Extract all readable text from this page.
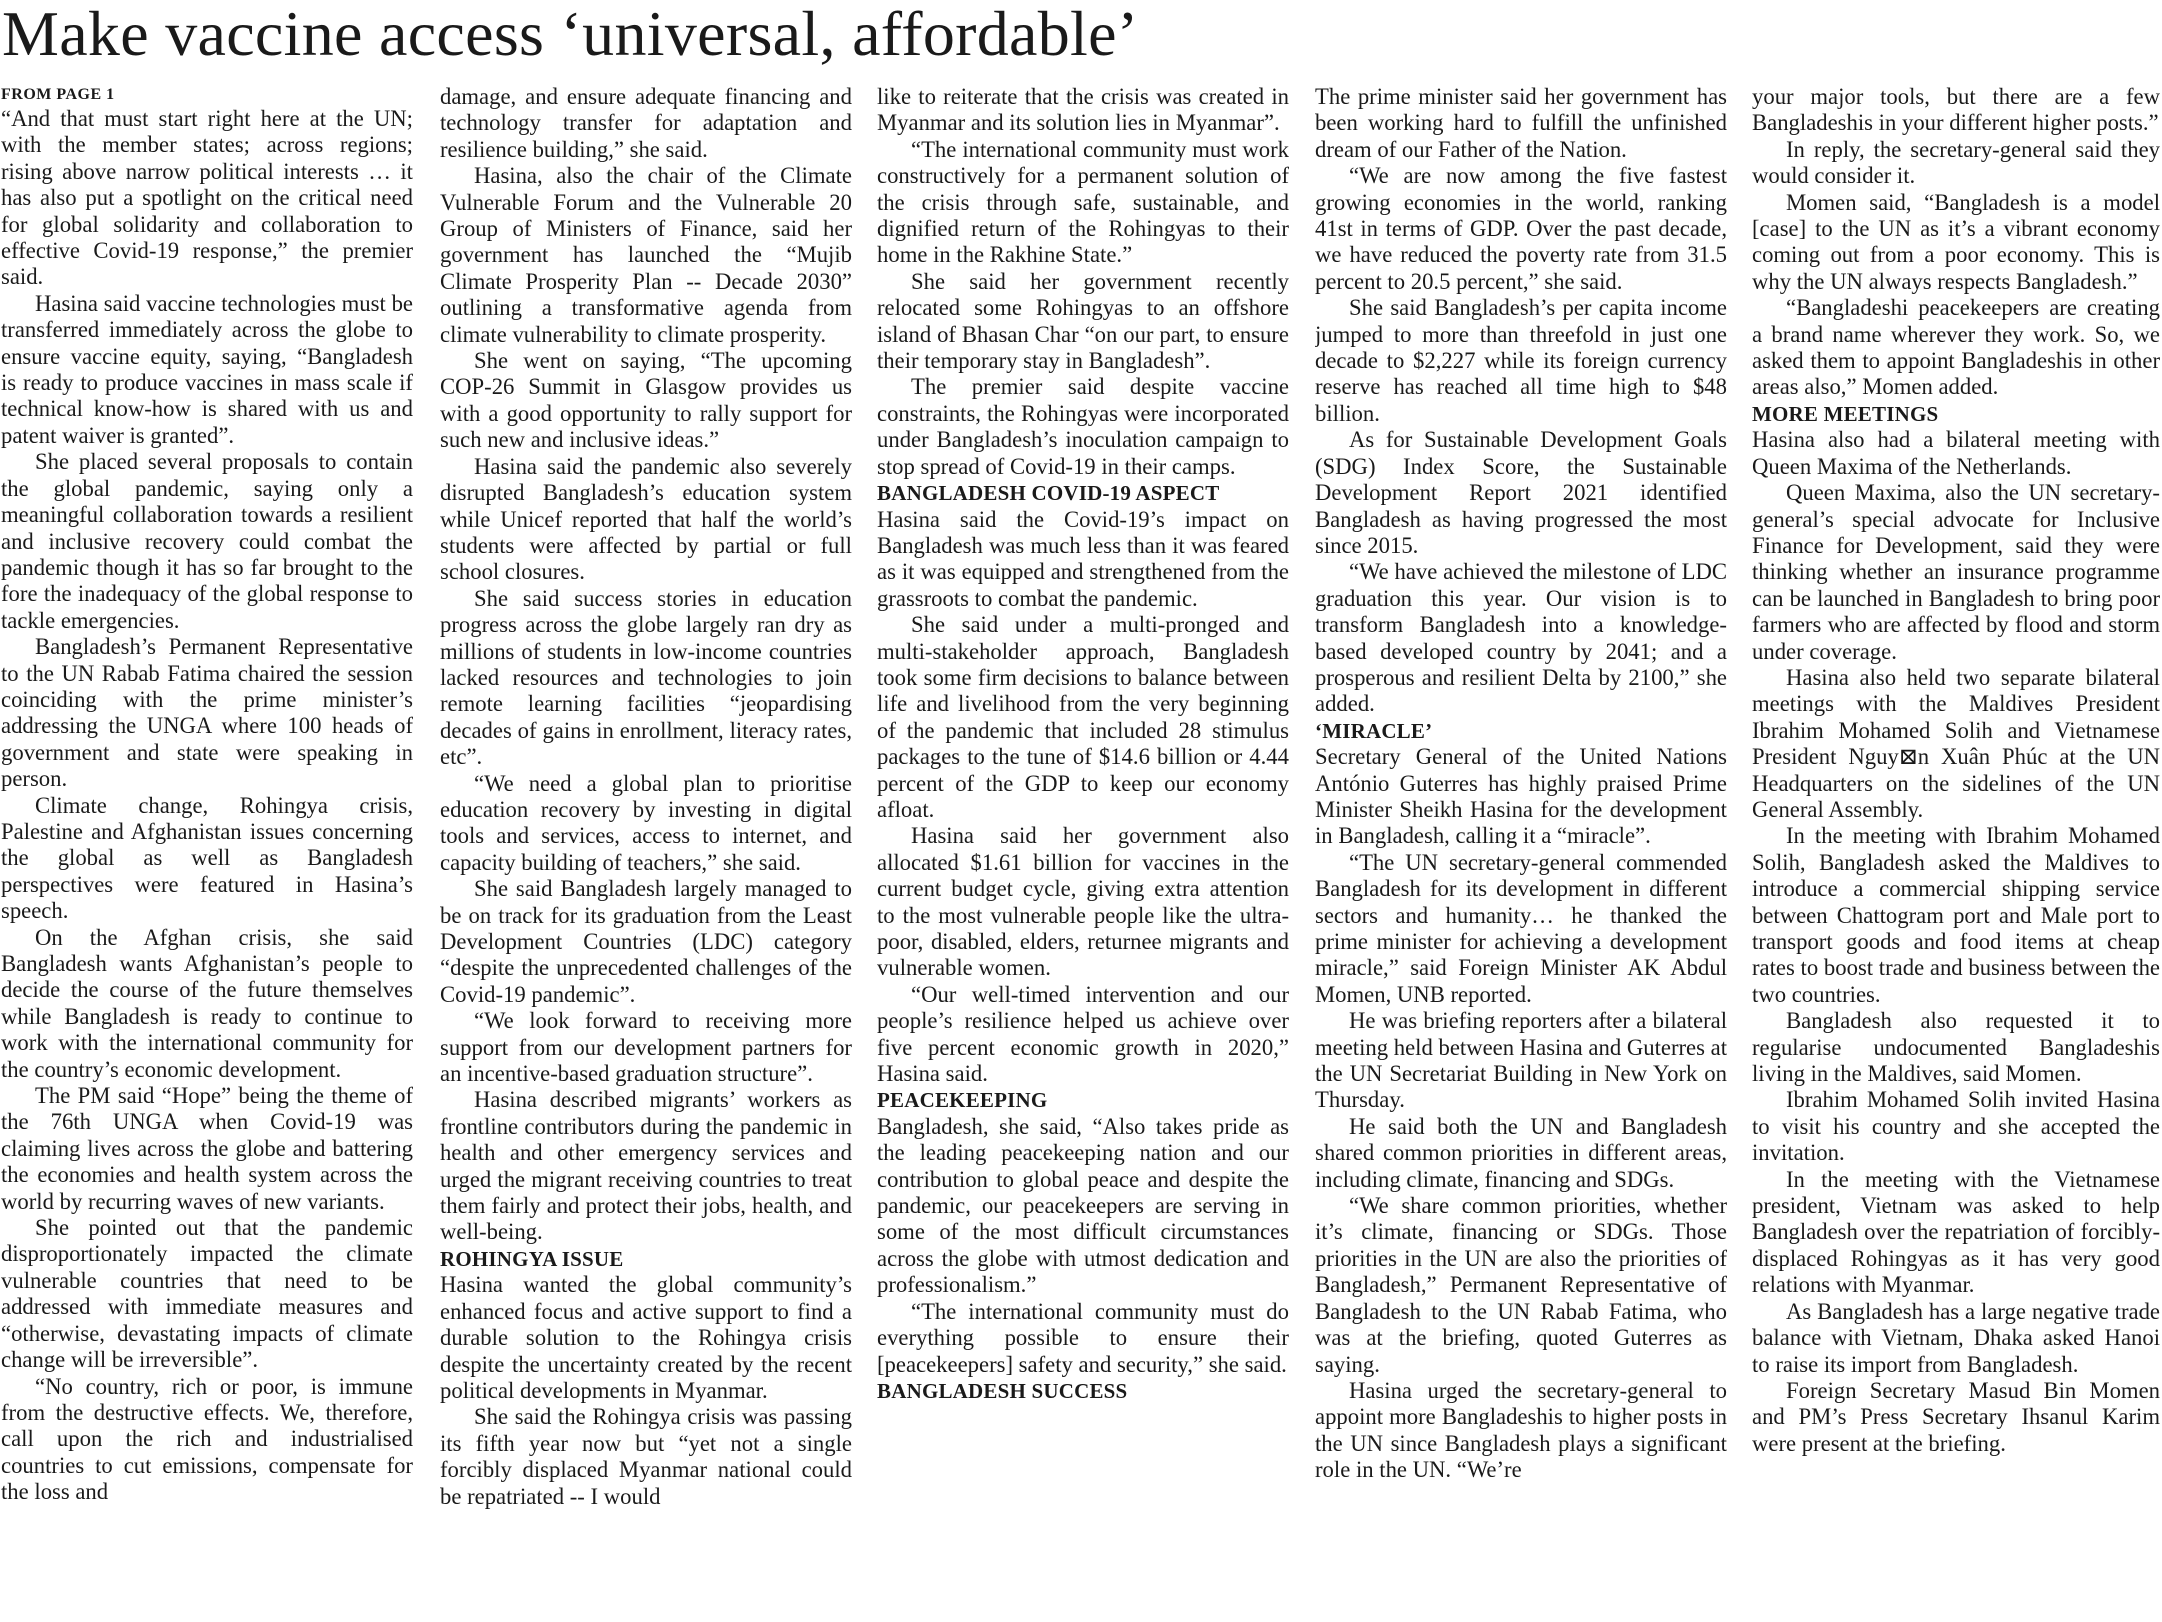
Make vaccine access ‘universal, affordable’
FROM PAGE 1

“And that must start right here at the UN; with the member states; across regions; rising above narrow political interests … it has also put a spotlight on the critical need for global solidarity and collaboration to effective Covid-19 response,” the premier said.

Hasina said vaccine technologies must be transferred immediately across the globe to ensure vaccine equity, saying, “Bangladesh is ready to produce vaccines in mass scale if technical know-how is shared with us and patent waiver is granted”.

She placed several proposals to contain the global pandemic, saying only a meaningful collaboration towards a resilient and inclusive recovery could combat the pandemic though it has so far brought to the fore the inadequacy of the global response to tackle emergencies.

Bangladesh’s Permanent Representative to the UN Rabab Fatima chaired the session coinciding with the prime minister’s addressing the UNGA where 100 heads of government and state were speaking in person.

Climate change, Rohingya crisis, Palestine and Afghanistan issues concerning the global as well as Bangladesh perspectives were featured in Hasina’s speech.

On the Afghan crisis, she said Bangladesh wants Afghanistan’s people to decide the course of the future themselves while Bangladesh is ready to continue to work with the international community for the country’s economic development.

The PM said “Hope” being the theme of the 76th UNGA when Covid-19 was claiming lives across the globe and battering the economies and health system across the world by recurring waves of new variants.

She pointed out that the pandemic disproportionately impacted the climate vulnerable countries that need to be addressed with immediate measures and “otherwise, devastating impacts of climate change will be irreversible”.

“No country, rich or poor, is immune from the destructive effects. We, therefore, call upon the rich and industrialised countries to cut emissions, compensate for the loss and

damage, and ensure adequate financing and technology transfer for adaptation and resilience building,” she said.

Hasina, also the chair of the Climate Vulnerable Forum and the Vulnerable 20 Group of Ministers of Finance, said her government has launched the “Mujib Climate Prosperity Plan -- Decade 2030” outlining a transformative agenda from climate vulnerability to climate prosperity.

She went on saying, “The upcoming COP-26 Summit in Glasgow provides us with a good opportunity to rally support for such new and inclusive ideas.”

Hasina said the pandemic also severely disrupted Bangladesh’s education system while Unicef reported that half the world’s students were affected by partial or full school closures.

She said success stories in education progress across the globe largely ran dry as millions of students in low-income countries lacked resources and technologies to join remote learning facilities “jeopardising decades of gains in enrollment, literacy rates, etc”.

“We need a global plan to prioritise education recovery by investing in digital tools and services, access to internet, and capacity building of teachers,” she said.

She said Bangladesh largely managed to be on track for its graduation from the Least Development Countries (LDC) category “despite the unprecedented challenges of the Covid-19 pandemic”.

“We look forward to receiving more support from our development partners for an incentive-based graduation structure”.

Hasina described migrants’ workers as frontline contributors during the pandemic in health and other emergency services and urged the migrant receiving countries to treat them fairly and protect their jobs, health, and well-being.

ROHINGYA ISSUE

Hasina wanted the global community’s enhanced focus and active support to find a durable solution to the Rohingya crisis despite the uncertainty created by the recent political developments in Myanmar.

She said the Rohingya crisis was passing its fifth year now but “yet not a single forcibly displaced Myanmar national could be repatriated -- I would

like to reiterate that the crisis was created in Myanmar and its solution lies in Myanmar”.

“The international community must work constructively for a permanent solution of the crisis through safe, sustainable, and dignified return of the Rohingyas to their home in the Rakhine State.”

She said her government recently relocated some Rohingyas to an offshore island of Bhasan Char “on our part, to ensure their temporary stay in Bangladesh”.

The premier said despite vaccine constraints, the Rohingyas were incorporated under Bangladesh’s inoculation campaign to stop spread of Covid-19 in their camps.

BANGLADESH COVID-19 ASPECT

Hasina said the Covid-19’s impact on Bangladesh was much less than it was feared as it was equipped and strengthened from the grassroots to combat the pandemic.

She said under a multi-pronged and multi-stakeholder approach, Bangladesh took some firm decisions to balance between life and livelihood from the very beginning of the pandemic that included 28 stimulus packages to the tune of $14.6 billion or 4.44 percent of the GDP to keep our economy afloat.

Hasina said her government also allocated $1.61 billion for vaccines in the current budget cycle, giving extra attention to the most vulnerable people like the ultra-poor, disabled, elders, returnee migrants and vulnerable women.

“Our well-timed intervention and our people’s resilience helped us achieve over five percent economic growth in 2020,” Hasina said.

PEACEKEEPING

Bangladesh, she said, “Also takes pride as the leading peacekeeping nation and our contribution to global peace and despite the pandemic, our peacekeepers are serving in some of the most difficult circumstances across the globe with utmost dedication and professionalism.”

“The international community must do everything possible to ensure their [peacekeepers] safety and security,” she said.

BANGLADESH SUCCESS

The prime minister said her government has been working hard to fulfill the unfinished dream of our Father of the Nation.

“We are now among the five fastest growing economies in the world, ranking 41st in terms of GDP. Over the past decade, we have reduced the poverty rate from 31.5 percent to 20.5 percent,” she said.

She said Bangladesh’s per capita income jumped to more than threefold in just one decade to $2,227 while its foreign currency reserve has reached all time high to $48 billion.

As for Sustainable Development Goals (SDG) Index Score, the Sustainable Development Report 2021 identified Bangladesh as having progressed the most since 2015.

“We have achieved the milestone of LDC graduation this year. Our vision is to transform Bangladesh into a knowledge-based developed country by 2041; and a prosperous and resilient Delta by 2100,” she added.

‘MIRACLE’

Secretary General of the United Nations António Guterres has highly praised Prime Minister Sheikh Hasina for the development in Bangladesh, calling it a “miracle”.

“The UN secretary-general commended Bangladesh for its development in different sectors and humanity… he thanked the prime minister for achieving a development miracle,” said Foreign Minister AK Abdul Momen, UNB reported.

He was briefing reporters after a bilateral meeting held between Hasina and Guterres at the UN Secretariat Building in New York on Thursday.

He said both the UN and Bangladesh shared common priorities in different areas, including climate, financing and SDGs.

“We share common priorities, whether it’s climate, financing or SDGs. Those priorities in the UN are also the priorities of Bangladesh,” Permanent Representative of Bangladesh to the UN Rabab Fatima, who was at the briefing, quoted Guterres as saying.

Hasina urged the secretary-general to appoint more Bangladeshis to higher posts in the UN since Bangladesh plays a significant role in the UN. “We’re

your major tools, but there are a few Bangladeshis in your different higher posts.”

In reply, the secretary-general said they would consider it.

Momen said, “Bangladesh is a model [case] to the UN as it’s a vibrant economy coming out from a poor economy. This is why the UN always respects Bangladesh.”

“Bangladeshi peacekeepers are creating a brand name wherever they work. So, we asked them to appoint Bangladeshis in other areas also,” Momen added.

MORE MEETINGS

Hasina also had a bilateral meeting with Queen Maxima of the Netherlands.

Queen Maxima, also the UN secretary-general’s special advocate for Inclusive Finance for Development, said they were thinking whether an insurance programme can be launched in Bangladesh to bring poor farmers who are affected by flood and storm under coverage.

Hasina also held two separate bilateral meetings with the Maldives President Ibrahim Mohamed Solih and Vietnamese President Nguy⊠n Xuân Phúc at the UN Headquarters on the sidelines of the UN General Assembly.

In the meeting with Ibrahim Mohamed Solih, Bangladesh asked the Maldives to introduce a commercial shipping service between Chattogram port and Male port to transport goods and food items at cheap rates to boost trade and business between the two countries.

Bangladesh also requested it to regularise undocumented Bangladeshis living in the Maldives, said Momen.

Ibrahim Mohamed Solih invited Hasina to visit his country and she accepted the invitation.

In the meeting with the Vietnamese president, Vietnam was asked to help Bangladesh over the repatriation of forcibly-displaced Rohingyas as it has very good relations with Myanmar.

As Bangladesh has a large negative trade balance with Vietnam, Dhaka asked Hanoi to raise its import from Bangladesh.

Foreign Secretary Masud Bin Momen and PM’s Press Secretary Ihsanul Karim were present at the briefing.
